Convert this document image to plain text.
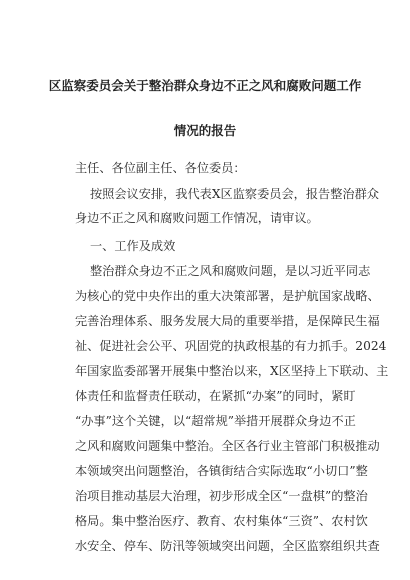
区监察委员会关于整治群众身边不正之风和腐败问题工作
情况的报告

主任、各位副主任、各位委员：

按照会议安排，我代表X区监察委员会，报告整治群众

身边不正之风和腐败问题工作情况，请审议。

一、工作及成效

整治群众身边不正之风和腐败问题，是以习近平同志

为核心的党中央作出的重大决策部署，是护航国家战略、

完善治理体系、服务发展大局的重要举措，是保障民生福

祉、促进社会公平、巩固党的执政根基的有力抓手。2024

年国家监委部署开展集中整治以来，X区坚持上下联动、主

体责任和监督责任联动，在紧抓“办案”的同时，紧盯

“办事”这个关键，以“超常规”举措开展群众身边不正

之风和腐败问题集中整治。全区各行业主管部门积极推动

本领域突出问题整治，各镇街结合实际选取“小切口”整

治项目推动基层大治理，初步形成全区“一盘棋”的整治

格局。集中整治医疗、教育、农村集体“三资”、农村饮

水安全、停车、防汛等领域突出问题，全区监察组织共查
